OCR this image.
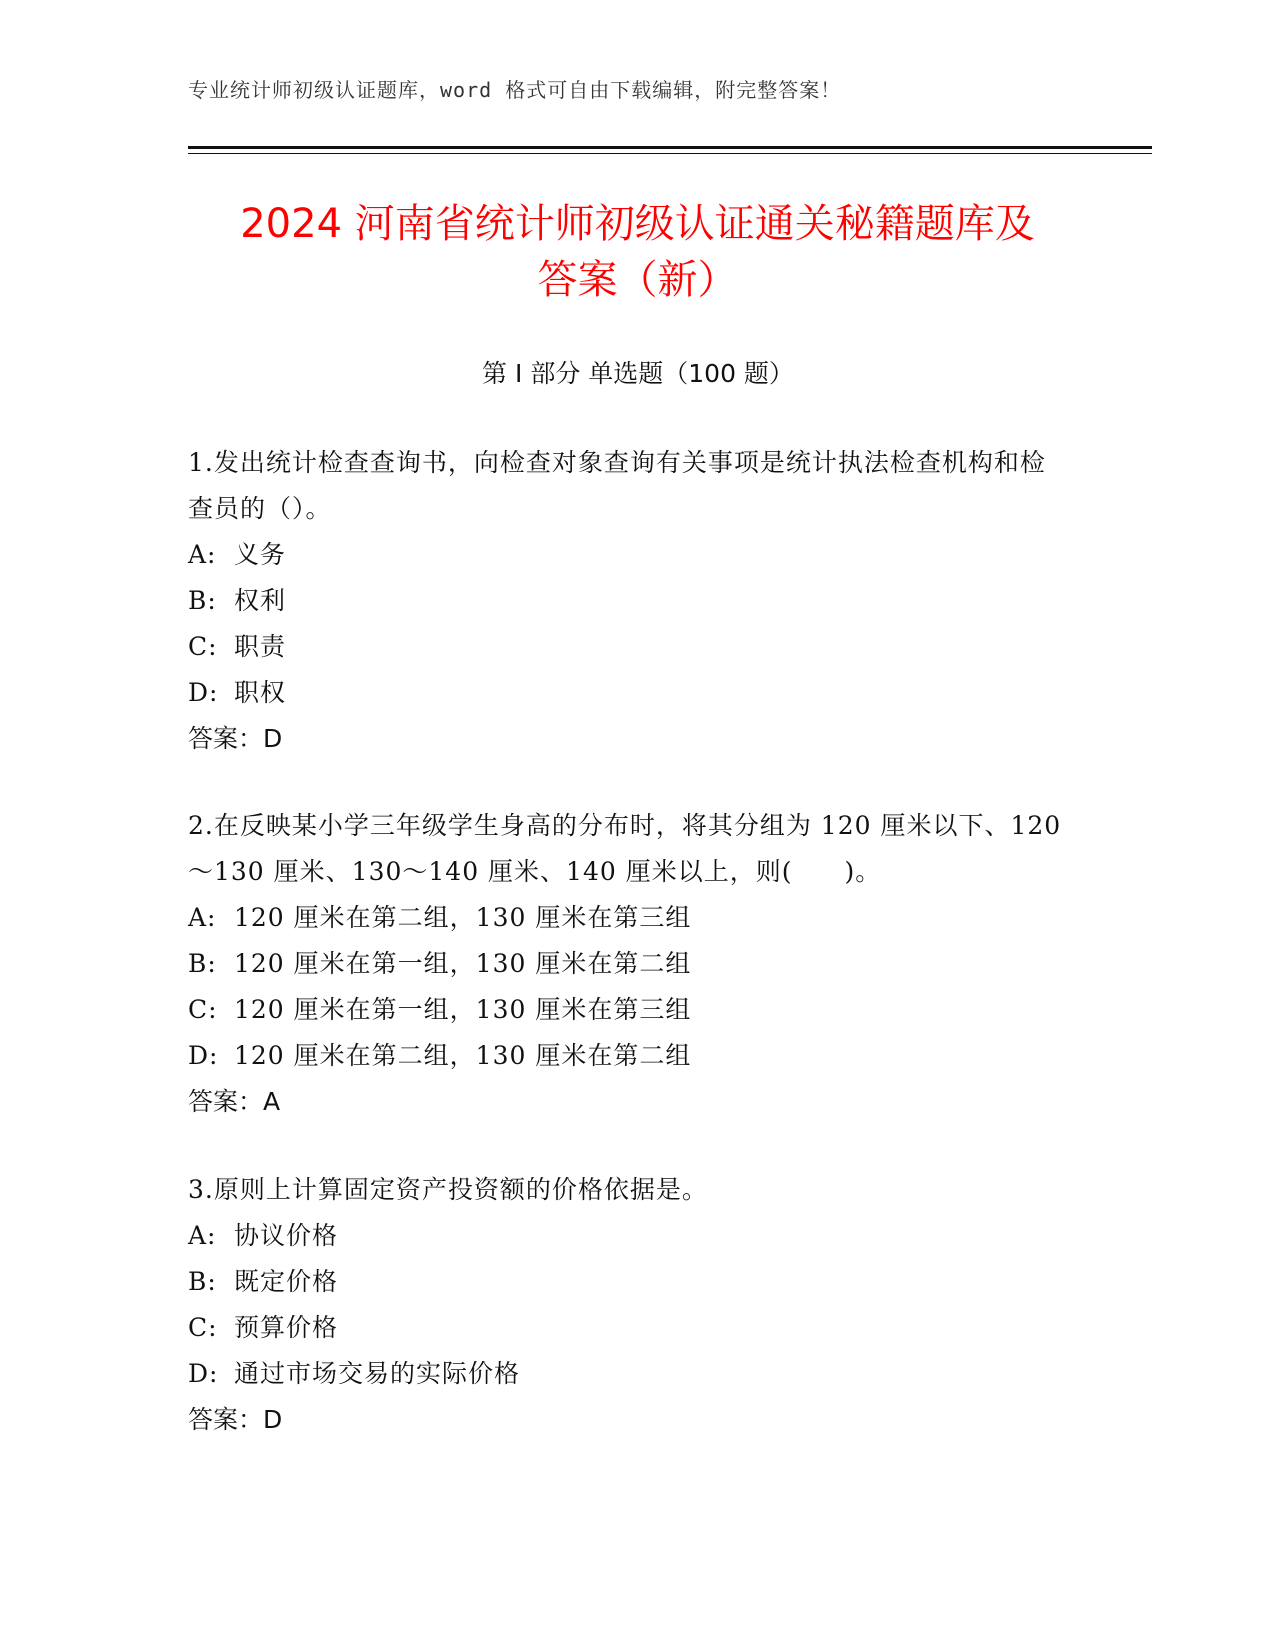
专业统计师初级认证题库，word 格式可自由下载编辑，附完整答案！
2024 河南省统计师初级认证通关秘籍题库及
答案（新）
第 I 部分 单选题（100 题）

1.发出统计检查查询书，向检查对象查询有关事项是统计执法检查机构和检查员的（）。

A: 义务

B: 权利

C: 职责

D: 职权

答案：D

2.在反映某小学三年级学生身高的分布时，将其分组为 120 厘米以下、120～130 厘米、130～140 厘米、140 厘米以上，则(　　)。

A: 120 厘米在第二组，130 厘米在第三组

B: 120 厘米在第一组，130 厘米在第二组

C: 120 厘米在第一组，130 厘米在第三组

D: 120 厘米在第二组，130 厘米在第二组

答案：A

3.原则上计算固定资产投资额的价格依据是。

A: 协议价格

B: 既定价格

C: 预算价格

D: 通过市场交易的实际价格

答案：D
